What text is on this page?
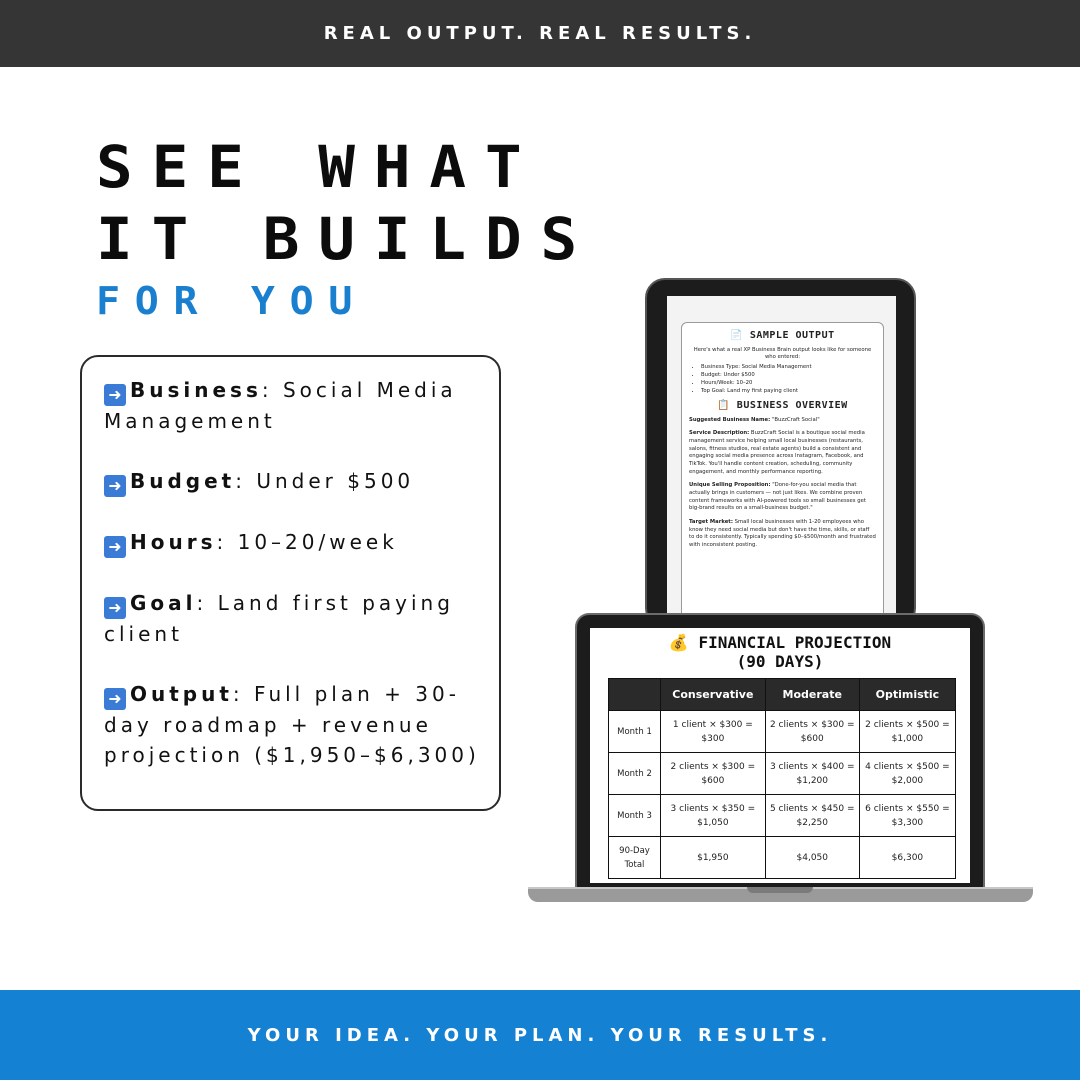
REAL OUTPUT. REAL RESULTS.
SEE WHAT
IT BUILDS
FOR YOU
➜ Business: Social Media Management
➜ Budget: Under $500
➜ Hours: 10–20/week
➜ Goal: Land first paying client
➜ Output: Full plan + 30-day roadmap + revenue projection ($1,950–$6,300)
📄 SAMPLE OUTPUT
Here's what a real XP Business Brain output looks like for someone who entered:
• Business Type: Social Media Management
• Budget: Under $500
• Hours/Week: 10–20
• Top Goal: Land my first paying client
📋 BUSINESS OVERVIEW
Suggested Business Name: "BuzzCraft Social"
Service Description: BuzzCraft Social is a boutique social media management service helping small local businesses (restaurants, salons, fitness studios, real estate agents) build a consistent and engaging social media presence across Instagram, Facebook, and TikTok. You'll handle content creation, scheduling, community engagement, and monthly performance reporting.
Unique Selling Proposition: "Done-for-you social media that actually brings in customers — not just likes. We combine proven content frameworks with AI-powered tools so small businesses get big-brand results on a small-business budget."
Target Market: Small local businesses with 1-20 employees who know they need social media but don't have the time, skills, or staff to do it consistently. Typically spending $0–$500/month and frustrated with inconsistent posting.
💰 FINANCIAL PROJECTION
(90 DAYS)
	Conservative	Moderate	Optimistic
Month 1	1 client × $300 = $300	2 clients × $300 = $600	2 clients × $500 = $1,000
Month 2	2 clients × $300 = $600	3 clients × $400 = $1,200	4 clients × $500 = $2,000
Month 3	3 clients × $350 = $1,050	5 clients × $450 = $2,250	6 clients × $550 = $3,300
90-Day Total	$1,950	$4,050	$6,300
YOUR IDEA. YOUR PLAN. YOUR RESULTS.
